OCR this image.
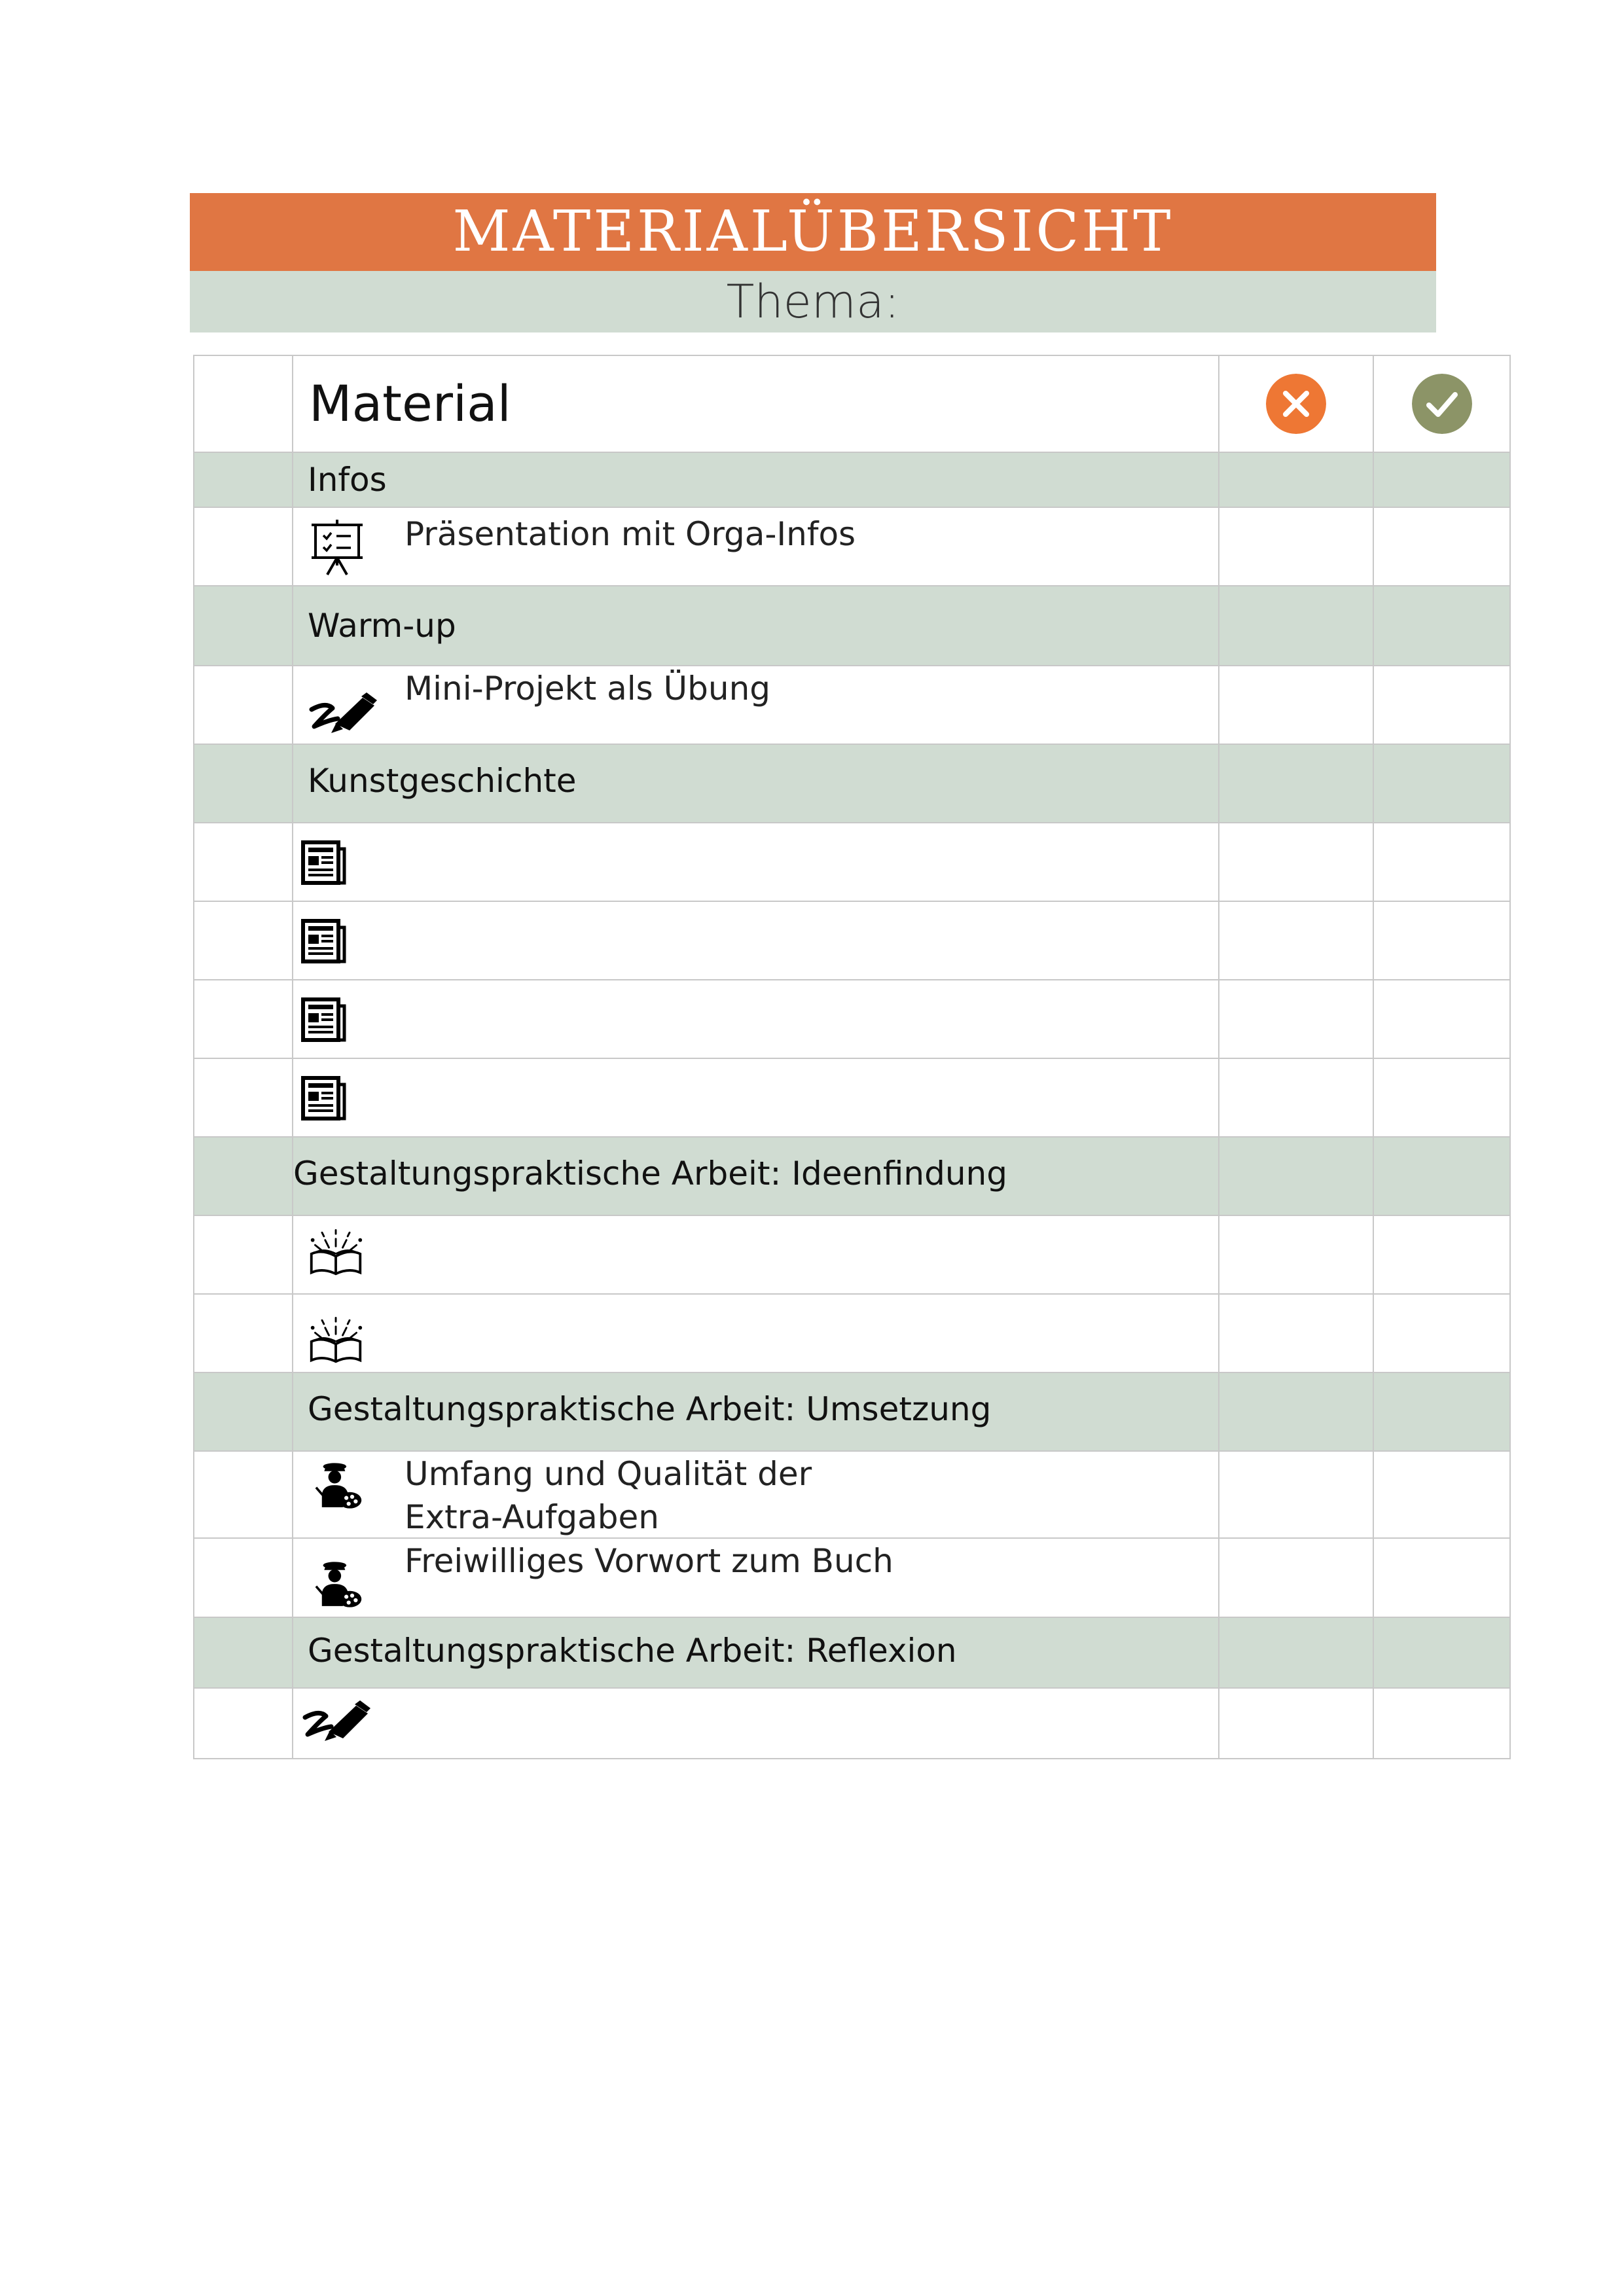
MATERIALÜBERSICHT
Thema:
	Material	

	Infos		

	Präsentation mit Orga-Infos		

	Warm-up		

	Mini-Projekt als Übung		

	Kunstgeschichte		

	Gestaltungspraktische Arbeit: Ideenfindung		

	Gestaltungspraktische Arbeit: Umsetzung		

	Umfang und Qualität der
Extra-Aufgaben		

	Freiwilliges Vorwort zum Buch		

	Gestaltungspraktische Arbeit: Reflexion		
